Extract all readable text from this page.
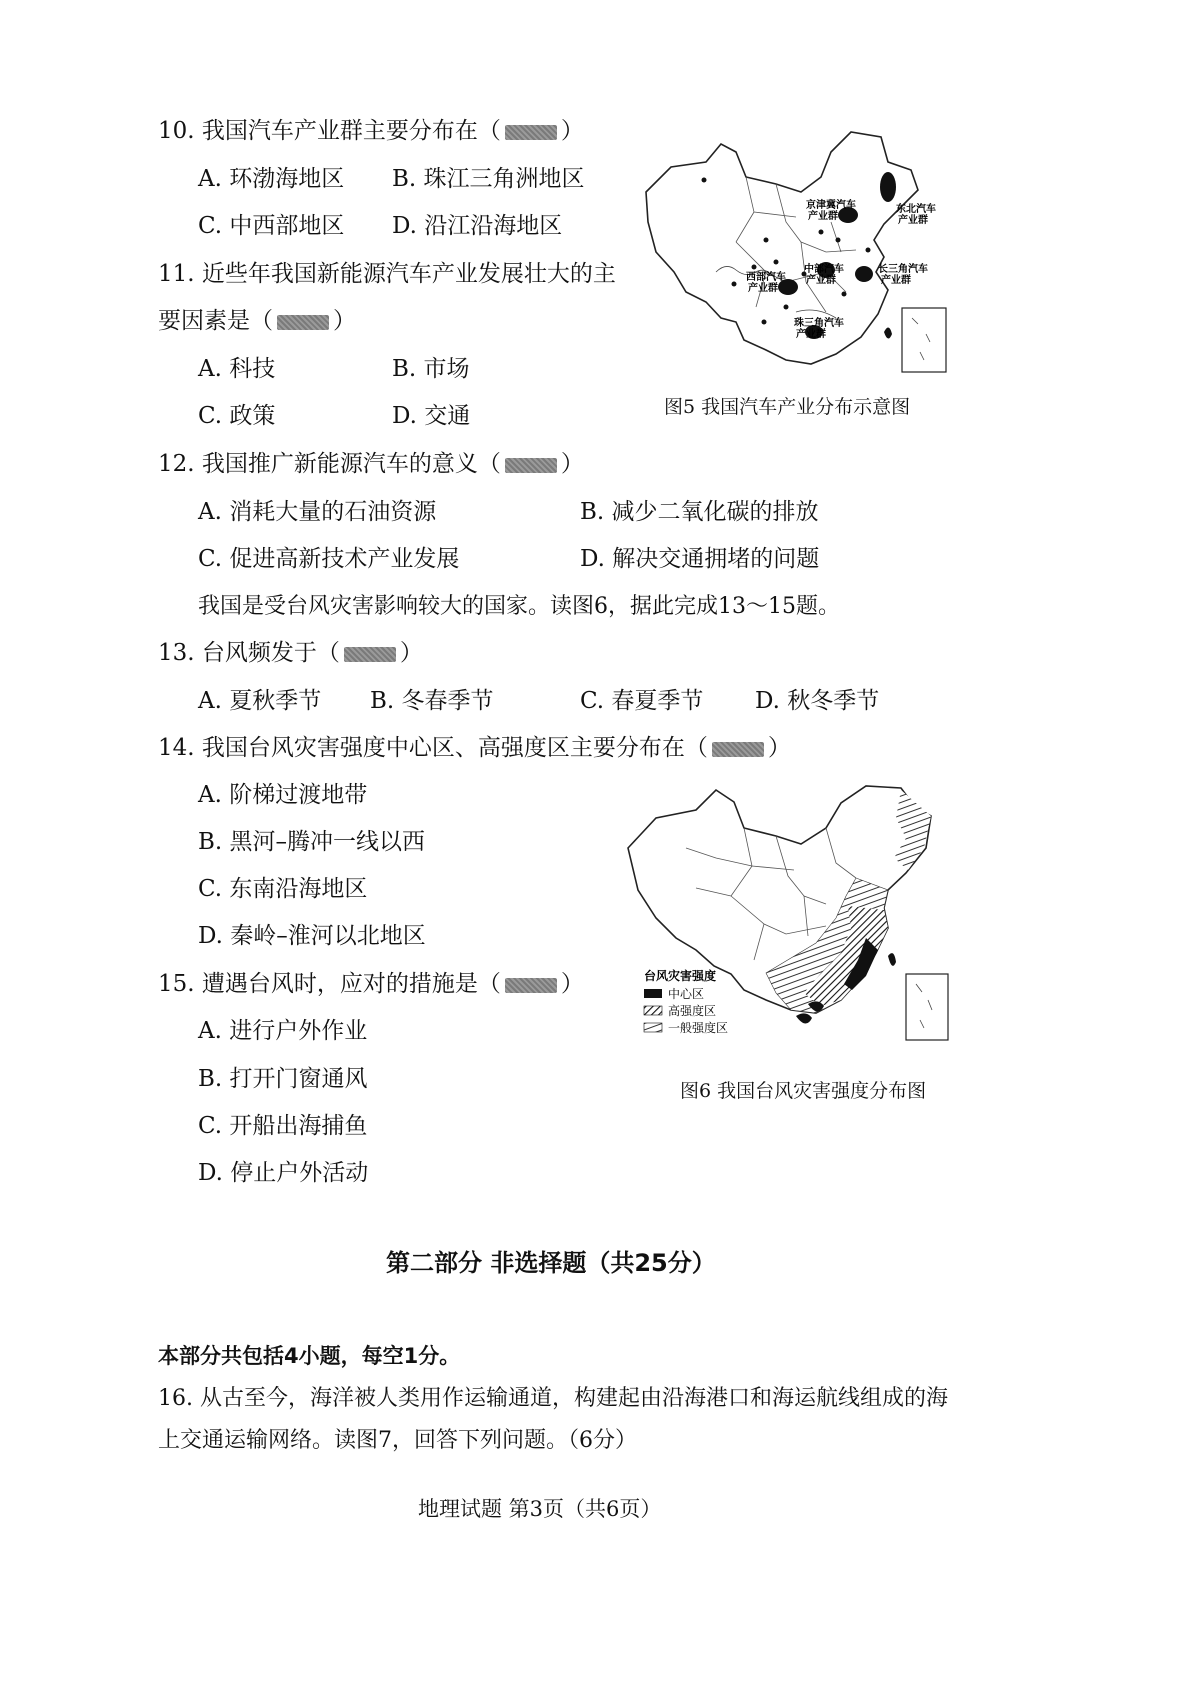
10. 我国汽车产业群主要分布在（	）
A. 环渤海地区 B. 珠江三角洲地区
C. 中西部地区 D. 沿江沿海地区
11. 近些年我国新能源汽车产业发展壮大的主
要因素是（	）
A. 科技	B. 市场
C. 政策	D. 交通
京津冀汽车
产业群
东北汽车
产业群
中部汽车
产业群
西部汽车
产业群
长三角汽车
产业群
珠三角汽车
产业群
图5 我国汽车产业分布示意图
12. 我国推广新能源汽车的意义（	）
A. 消耗大量的石油资源	B. 减少二氧化碳的排放
C. 促进高新技术产业发展	D. 解决交通拥堵的问题
我国是受台风灾害影响较大的国家。读图6，据此完成13～15题。
13. 台风频发于（	）
A. 夏秋季节 B. 冬春季节	C. 春夏季节 D. 秋冬季节
14. 我国台风灾害强度中心区、高强度区主要分布在（	）
A. 阶梯过渡地带
B. 黑河–腾冲一线以西
C. 东南沿海地区
D. 秦岭–淮河以北地区
台风灾害强度
中心区
高强度区
一般强度区
图6 我国台风灾害强度分布图
15. 遭遇台风时，应对的措施是（	）
A. 进行户外作业
B. 打开门窗通风
C. 开船出海捕鱼
D. 停止户外活动
第二部分 非选择题（共25分）
本部分共包括4小题，每空1分。
16. 从古至今，海洋被人类用作运输通道，构建起由沿海港口和海运航线组成的海
上交通运输网络。读图7，回答下列问题。（6分）
地理试题 第3页（共6页）
